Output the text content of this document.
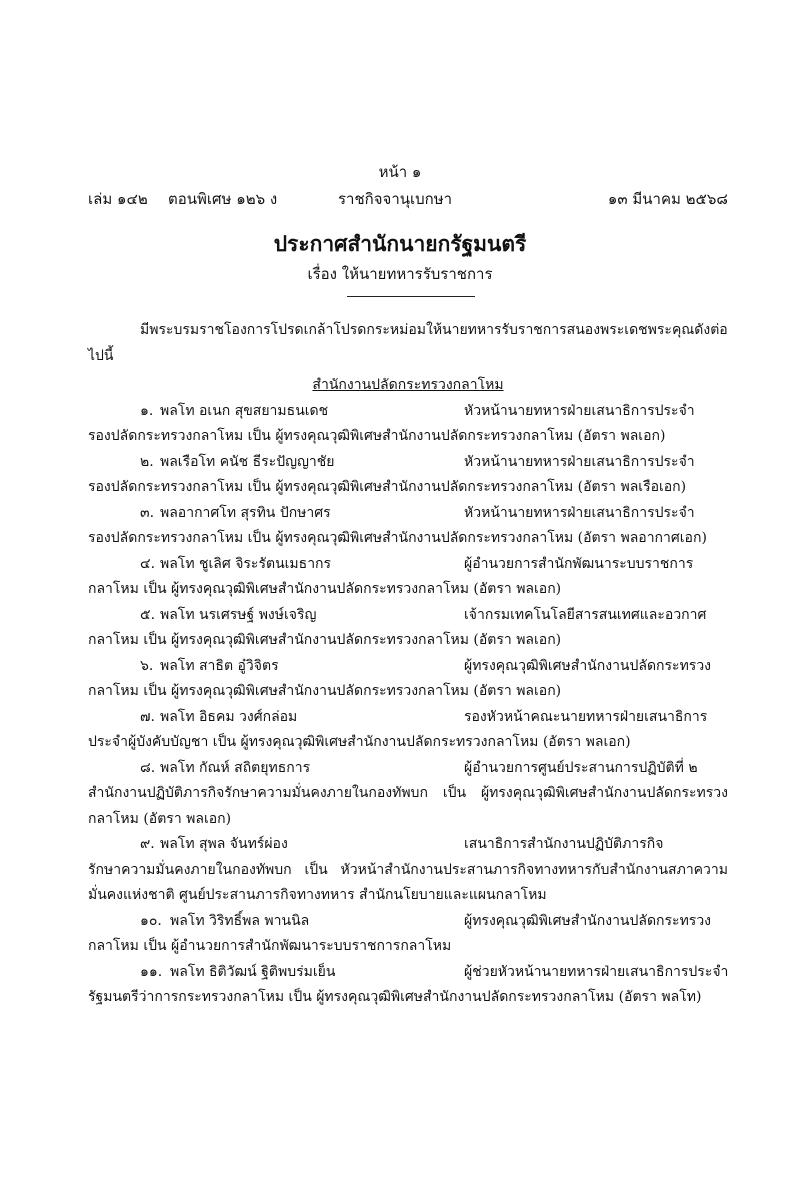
หน้า ๑
เล่ม ๑๔๒ ตอนพิเศษ ๑๒๖ ง	ราชกิจจานุเบกษา	๑๓ มีนาคม ๒๕๖๘
ประกาศสำนักนายกรัฐมนตรี
เรื่อง ให้นายทหารรับราชการ

มีพระบรมราชโองการโปรดเกล้าโปรดกระหม่อมให้นายทหารรับราชการสนองพระเดชพระคุณดังต่อไปนี้

สำนักงานปลัดกระทรวงกลาโหม
๑. พลโท อเนก สุขสยามธนเดช	หัวหน้านายทหารฝ่ายเสนาธิการประจำ

รองปลัดกระทรวงกลาโหม เป็น ผู้ทรงคุณวุฒิพิเศษสำนักงานปลัดกระทรวงกลาโหม (อัตรา พลเอก)

๒. พลเรือโท คนัช ธีระปัญญาชัย	หัวหน้านายทหารฝ่ายเสนาธิการประจำ

รองปลัดกระทรวงกลาโหม เป็น ผู้ทรงคุณวุฒิพิเศษสำนักงานปลัดกระทรวงกลาโหม (อัตรา พลเรือเอก)

๓. พลอากาศโท สุรทิน ปักษาศร	หัวหน้านายทหารฝ่ายเสนาธิการประจำ

รองปลัดกระทรวงกลาโหม เป็น ผู้ทรงคุณวุฒิพิเศษสำนักงานปลัดกระทรวงกลาโหม (อัตรา พลอากาศเอก)

๔. พลโท ชูเลิศ จิระรัตนเมธากร	ผู้อำนวยการสำนักพัฒนาระบบราชการ

กลาโหม เป็น ผู้ทรงคุณวุฒิพิเศษสำนักงานปลัดกระทรวงกลาโหม (อัตรา พลเอก)

๕. พลโท นรเศรษฐ์ พงษ์เจริญ	เจ้ากรมเทคโนโลยีสารสนเทศและอวกาศ

กลาโหม เป็น ผู้ทรงคุณวุฒิพิเศษสำนักงานปลัดกระทรวงกลาโหม (อัตรา พลเอก)

๖. พลโท สาธิต อู๋วิจิตร	ผู้ทรงคุณวุฒิพิเศษสำนักงานปลัดกระทรวง

กลาโหม เป็น ผู้ทรงคุณวุฒิพิเศษสำนักงานปลัดกระทรวงกลาโหม (อัตรา พลเอก)

๗. พลโท อิธคม วงศ์กล่อม	รองหัวหน้าคณะนายทหารฝ่ายเสนาธิการ

ประจำผู้บังคับบัญชา เป็น ผู้ทรงคุณวุฒิพิเศษสำนักงานปลัดกระทรวงกลาโหม (อัตรา พลเอก)

๘. พลโท กัณห์ สถิตยุทธการ	ผู้อำนวยการศูนย์ประสานการปฏิบัติที่ ๒

สำนักงานปฏิบัติภารกิจรักษาความมั่นคงภายในกองทัพบก เป็น ผู้ทรงคุณวุฒิพิเศษสำนักงานปลัดกระทรวงกลาโหม (อัตรา พลเอก)

๙. พลโท สุพล จันทร์ผ่อง	เสนาธิการสำนักงานปฏิบัติภารกิจ

รักษาความมั่นคงภายในกองทัพบก เป็น หัวหน้าสำนักงานประสานภารกิจทางทหารกับสำนักงานสภาความมั่นคงแห่งชาติ ศูนย์ประสานภารกิจทางทหาร สำนักนโยบายและแผนกลาโหม

๑๐. พลโท วิริทธิ์พล พานนิล	ผู้ทรงคุณวุฒิพิเศษสำนักงานปลัดกระทรวง

กลาโหม เป็น ผู้อำนวยการสำนักพัฒนาระบบราชการกลาโหม

๑๑. พลโท ธิติวัฒน์ ฐิติพบร่มเย็น	ผู้ช่วยหัวหน้านายทหารฝ่ายเสนาธิการประจำ

รัฐมนตรีว่าการกระทรวงกลาโหม เป็น ผู้ทรงคุณวุฒิพิเศษสำนักงานปลัดกระทรวงกลาโหม (อัตรา พลโท)
